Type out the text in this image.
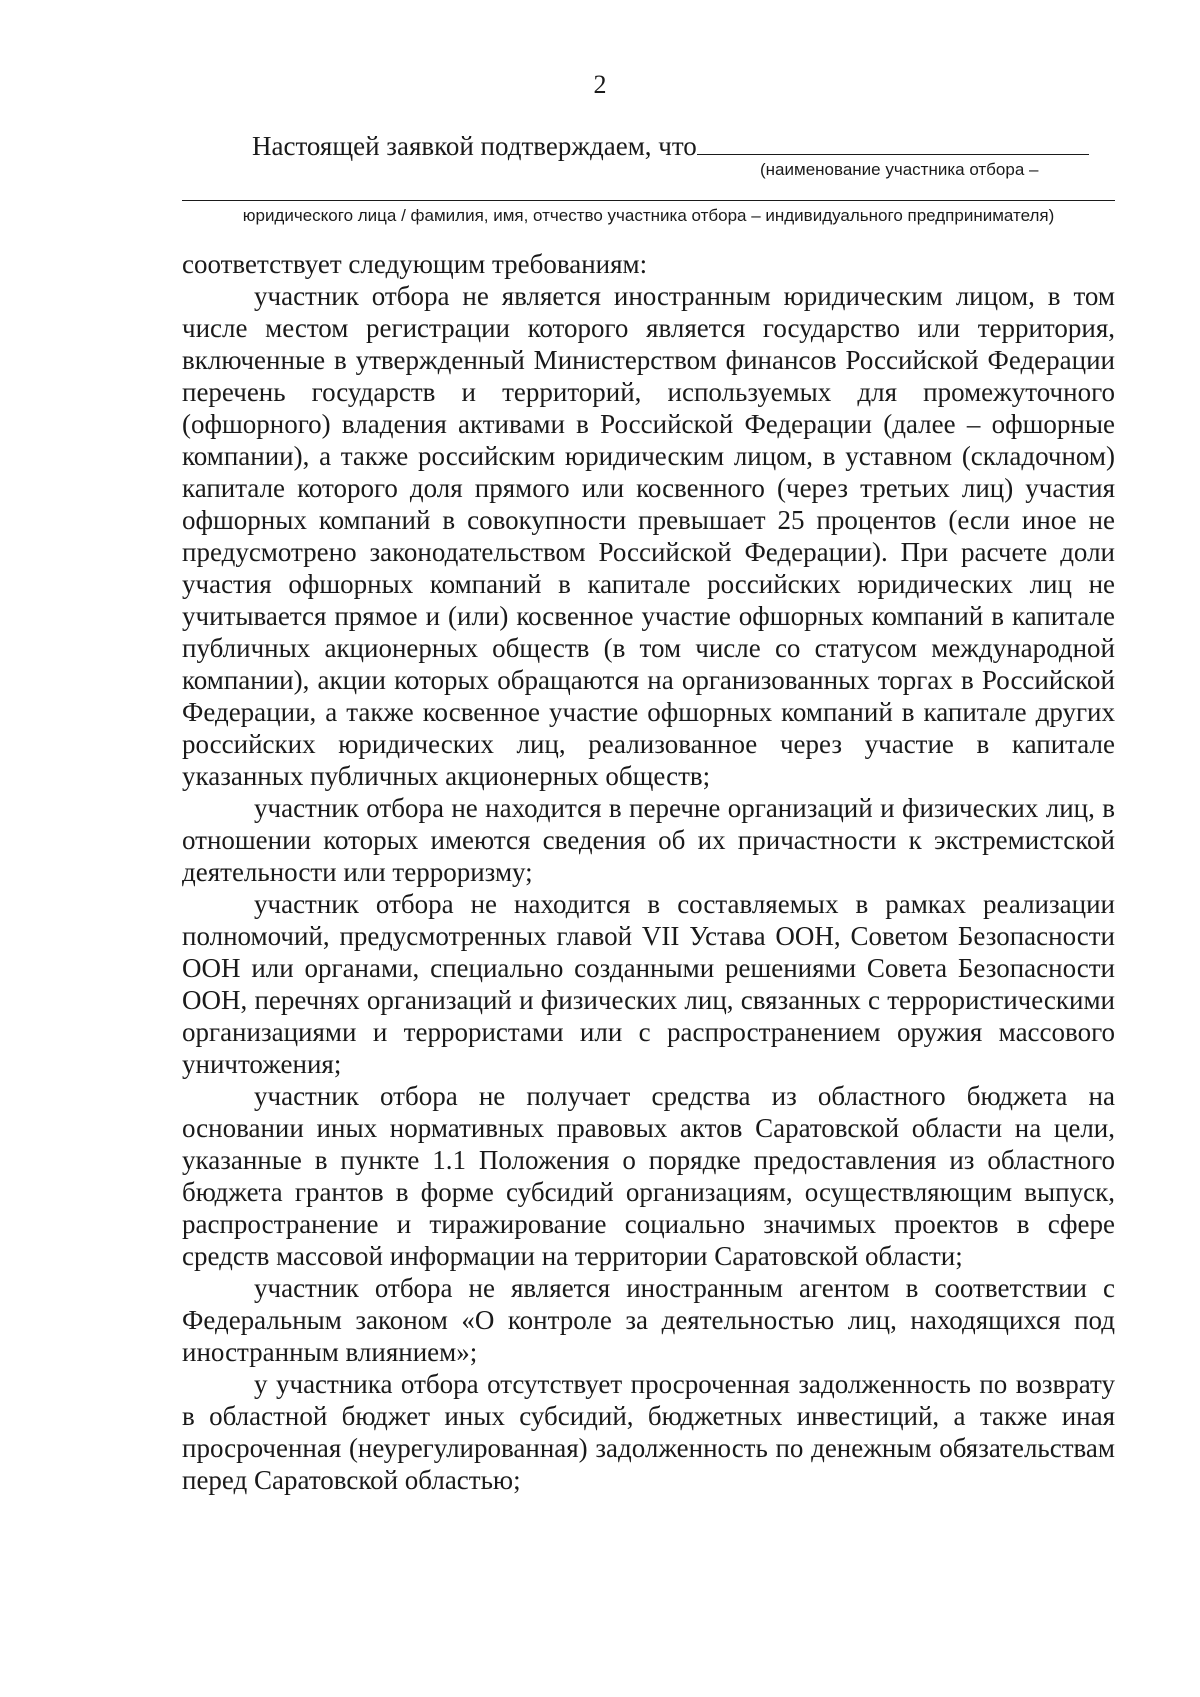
2
Настоящей заявкой подтверждаем, что
(наименование участника отбора –
юридического лица / фамилия, имя, отчество участника отбора – индивидуального предпринимателя)

соответствует следующим требованиям:

участник отбора не является иностранным юридическим лицом, в том числе местом регистрации которого является государство или территория, включенные в утвержденный Министерством финансов Российской Федерации перечень государств и территорий, используемых для промежуточного (офшорного) владения активами в Российской Федерации (далее – офшорные компании), а также российским юридическим лицом, в уставном (складочном) капитале которого доля прямого или косвенного (через третьих лиц) участия офшорных компаний в совокупности превышает 25 процентов (если иное не предусмотрено законодательством Российской Федерации). При расчете доли участия офшорных компаний в капитале российских юридических лиц не учитывается прямое и (или) косвенное участие офшорных компаний в капитале публичных акционерных обществ (в том числе со статусом международной компании), акции которых обращаются на организованных торгах в Российской Федерации, а также косвенное участие офшорных компаний в капитале других российских юридических лиц, реализованное через участие в капитале указанных публичных акционерных обществ;

участник отбора не находится в перечне организаций и физических лиц, в отношении которых имеются сведения об их причастности к экстремистской деятельности или терроризму;

участник отбора не находится в составляемых в рамках реализации полномочий, предусмотренных главой VII Устава ООН, Советом Безопасности ООН или органами, специально созданными решениями Совета Безопасности ООН, перечнях организаций и физических лиц, связанных с террористическими организациями и террористами или с распространением оружия массового уничтожения;

участник отбора не получает средства из областного бюджета на основании иных нормативных правовых актов Саратовской области на цели, указанные в пункте 1.1 Положения о порядке предоставления из областного бюджета грантов в форме субсидий организациям, осуществляющим выпуск, распространение и тиражирование социально значимых проектов в сфере средств массовой информации на территории Саратовской области;

участник отбора не является иностранным агентом в соответствии с Федеральным законом «О контроле за деятельностью лиц, находящихся под иностранным влиянием»;

у участника отбора отсутствует просроченная задолженность по возврату в областной бюджет иных субсидий, бюджетных инвестиций, а также иная просроченная (неурегулированная) задолженность по денежным обязательствам перед Саратовской областью;
